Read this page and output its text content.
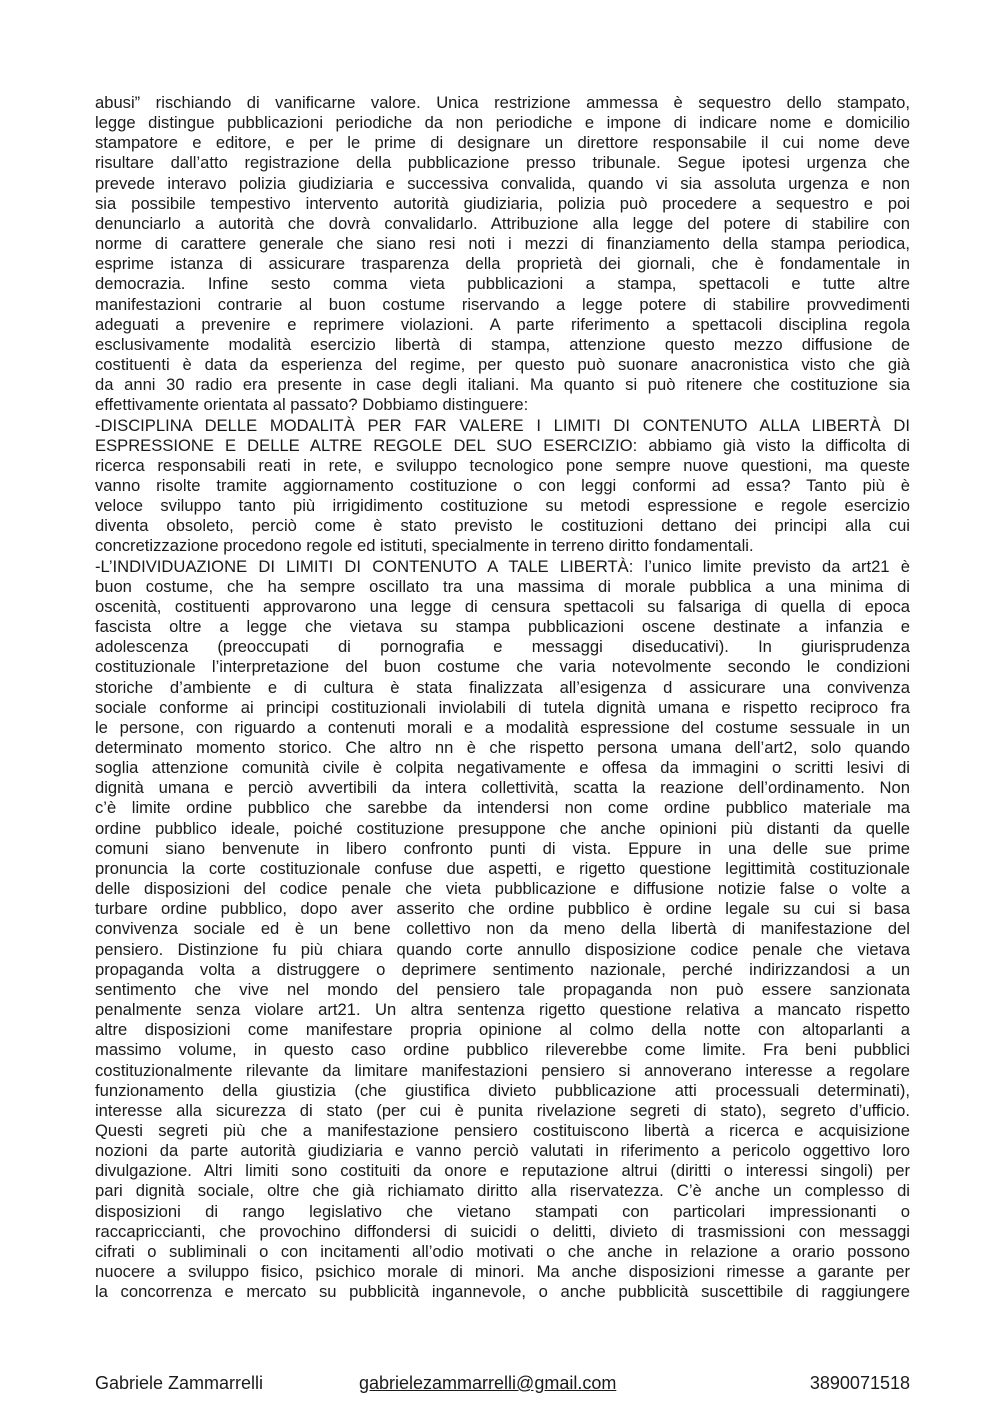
abusi” rischiando di vanificarne valore. Unica restrizione ammessa è sequestro dello stampato,
legge distingue pubblicazioni periodiche da non periodiche e impone di indicare nome e domicilio
stampatore e editore, e per le prime di designare un direttore responsabile il cui nome deve
risultare dall’atto registrazione della pubblicazione presso tribunale. Segue ipotesi urgenza che
prevede interavo polizia giudiziaria e successiva convalida, quando vi sia assoluta urgenza e non
sia possibile tempestivo intervento autorità giudiziaria, polizia può procedere a sequestro e poi
denunciarlo a autorità che dovrà convalidarlo. Attribuzione alla legge del potere di stabilire con
norme di carattere generale che siano resi noti i mezzi di finanziamento della stampa periodica,
esprime istanza di assicurare trasparenza della proprietà dei giornali, che è fondamentale in
democrazia. Infine sesto comma vieta pubblicazioni a stampa, spettacoli e tutte altre
manifestazioni contrarie al buon costume riservando a legge potere di stabilire provvedimenti
adeguati a prevenire e reprimere violazioni. A parte riferimento a spettacoli disciplina regola
esclusivamente modalità esercizio libertà di stampa, attenzione questo mezzo diffusione de
costituenti è data da esperienza del regime, per questo può suonare anacronistica visto che già
da anni 30 radio era presente in case degli italiani. Ma quanto si può ritenere che costituzione sia
effettivamente orientata al passato? Dobbiamo distinguere:
-DISCIPLINA DELLE MODALITÀ PER FAR VALERE I LIMITI DI CONTENUTO ALLA LIBERTÀ DI
ESPRESSIONE E DELLE ALTRE REGOLE DEL SUO ESERCIZIO: abbiamo già visto la difficolta di
ricerca responsabili reati in rete, e sviluppo tecnologico pone sempre nuove questioni, ma queste
vanno risolte tramite aggiornamento costituzione o con leggi conformi ad essa? Tanto più è
veloce sviluppo tanto più irrigidimento costituzione su metodi espressione e regole esercizio
diventa obsoleto, perciò come è stato previsto le costituzioni dettano dei principi alla cui
concretizzazione procedono regole ed istituti, specialmente in terreno diritto fondamentali.
-L’INDIVIDUAZIONE DI LIMITI DI CONTENUTO A TALE LIBERTÀ: l’unico limite previsto da art21 è
buon costume, che ha sempre oscillato tra una massima di morale pubblica a una minima di
oscenità, costituenti approvarono una legge di censura spettacoli su falsariga di quella di epoca
fascista oltre a legge che vietava su stampa pubblicazioni oscene destinate a infanzia e
adolescenza (preoccupati di pornografia e messaggi diseducativi). In giurisprudenza
costituzionale l’interpretazione del buon costume che varia notevolmente secondo le condizioni
storiche d’ambiente e di cultura è stata finalizzata all’esigenza d assicurare una convivenza
sociale conforme ai principi costituzionali inviolabili di tutela dignità umana e rispetto reciproco fra
le persone, con riguardo a contenuti morali e a modalità espressione del costume sessuale in un
determinato momento storico. Che altro nn è che rispetto persona umana dell’art2, solo quando
soglia attenzione comunità civile è colpita negativamente e offesa da immagini o scritti lesivi di
dignità umana e perciò avvertibili da intera collettività, scatta la reazione dell’ordinamento. Non
c’è limite ordine pubblico che sarebbe da intendersi non come ordine pubblico materiale ma
ordine pubblico ideale, poiché costituzione presuppone che anche opinioni più distanti da quelle
comuni siano benvenute in libero confronto punti di vista. Eppure in una delle sue prime
pronuncia la corte costituzionale confuse due aspetti, e rigetto questione legittimità costituzionale
delle disposizioni del codice penale che vieta pubblicazione e diffusione notizie false o volte a
turbare ordine pubblico, dopo aver asserito che ordine pubblico è ordine legale su cui si basa
convivenza sociale ed è un bene collettivo non da meno della libertà di manifestazione del
pensiero. Distinzione fu più chiara quando corte annullo disposizione codice penale che vietava
propaganda volta a distruggere o deprimere sentimento nazionale, perché indirizzandosi a un
sentimento che vive nel mondo del pensiero tale propaganda non può essere sanzionata
penalmente senza violare art21. Un altra sentenza rigetto questione relativa a mancato rispetto
altre disposizioni come manifestare propria opinione al colmo della notte con altoparlanti a
massimo volume, in questo caso ordine pubblico rileverebbe come limite. Fra beni pubblici
costituzionalmente rilevante da limitare manifestazioni pensiero si annoverano interesse a regolare
funzionamento della giustizia (che giustifica divieto pubblicazione atti processuali determinati),
interesse alla sicurezza di stato (per cui è punita rivelazione segreti di stato), segreto d’ufficio.
Questi segreti più che a manifestazione pensiero costituiscono libertà a ricerca e acquisizione
nozioni da parte autorità giudiziaria e vanno perciò valutati in riferimento a pericolo oggettivo loro
divulgazione. Altri limiti sono costituiti da onore e reputazione altrui (diritti o interessi singoli) per
pari dignità sociale, oltre che già richiamato diritto alla riservatezza. C’è anche un complesso di
disposizioni di rango legislativo che vietano stampati con particolari impressionanti o
raccapriccianti, che provochino diffondersi di suicidi o delitti, divieto di trasmissioni con messaggi
cifrati o subliminali o con incitamenti all’odio motivati o che anche in relazione a orario possono
nuocere a sviluppo fisico, psichico morale di minori. Ma anche disposizioni rimesse a garante per
la concorrenza e mercato su pubblicità ingannevole, o anche pubblicità suscettibile di raggiungere
Gabriele Zammarrelli	gabrielezammarrelli@gmail.com	3890071518
